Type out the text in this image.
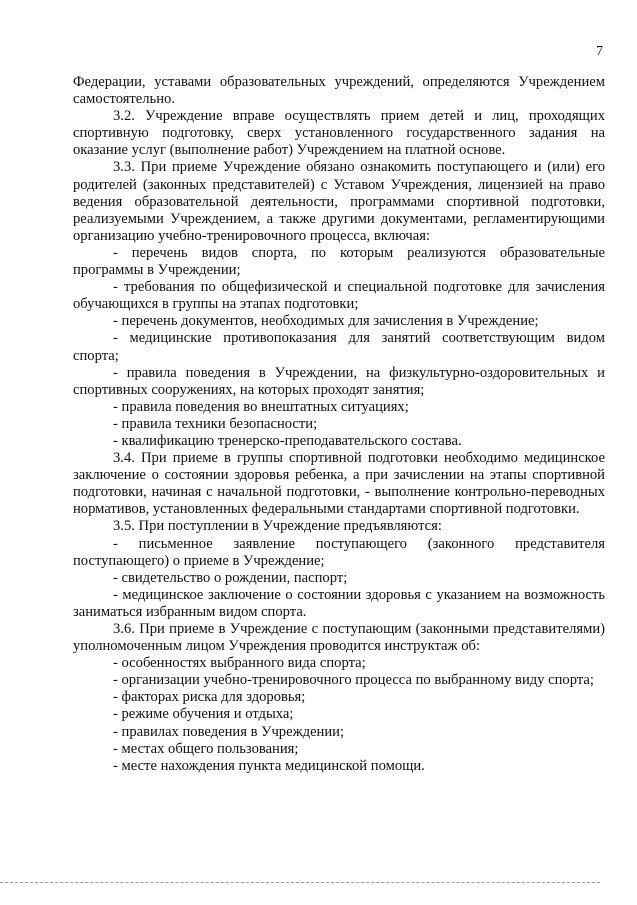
7

Федерации, уставами образовательных учреждений, определяются Учреждением самостоятельно.

3.2. Учреждение вправе осуществлять прием детей и лиц, проходящих спортивную подготовку, сверх установленного государственного задания на оказание услуг (выполнение работ) Учреждением на платной основе.

3.3. При приеме Учреждение обязано ознакомить поступающего и (или) его родителей (законных представителей) с Уставом Учреждения, лицензией на право ведения образовательной деятельности, программами спортивной подготовки, реализуемыми Учреждением, а также другими документами, регламентирующими организацию учебно-тренировочного процесса, включая:

- перечень видов спорта, по которым реализуются образовательные программы в Учреждении;

- требования по общефизической и специальной подготовке для зачисления обучающихся в группы на этапах подготовки;

- перечень документов, необходимых для зачисления в Учреждение;

- медицинские противопоказания для занятий соответствующим видом спорта;

- правила поведения в Учреждении, на физкультурно-оздоровительных и спортивных сооружениях, на которых проходят занятия;

- правила поведения во внештатных ситуациях;

- правила техники безопасности;

- квалификацию тренерско-преподавательского состава.

3.4. При приеме в группы спортивной подготовки необходимо медицинское заключение о состоянии здоровья ребенка, а при зачислении на этапы спортивной подготовки, начиная с начальной подготовки, - выполнение контрольно-переводных нормативов, установленных федеральными стандартами спортивной подготовки.

3.5. При поступлении в Учреждение предъявляются:

- письменное заявление поступающего (законного представителя поступающего) о приеме в Учреждение;

- свидетельство о рождении, паспорт;

- медицинское заключение о состоянии здоровья с указанием на возможность заниматься избранным видом спорта.

3.6. При приеме в Учреждение с поступающим (законными представителями) уполномоченным лицом Учреждения проводится инструктаж об:

- особенностях выбранного вида спорта;

- организации учебно-тренировочного процесса по выбранному виду спорта;

- факторах риска для здоровья;

- режиме обучения и отдыха;

- правилах поведения в Учреждении;

- местах общего пользования;

- месте нахождения пункта медицинской помощи.
